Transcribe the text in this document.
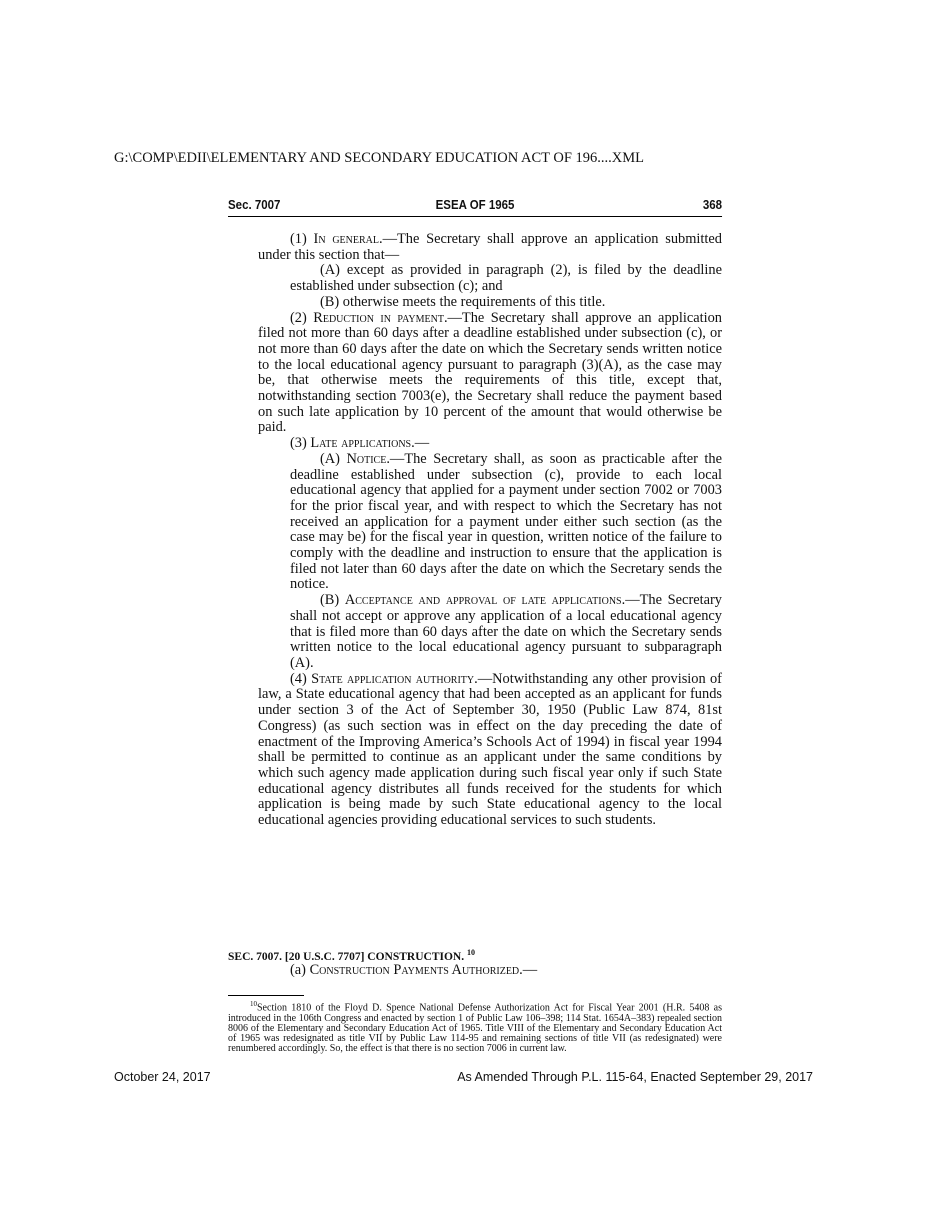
G:\COMP\EDII\ELEMENTARY AND SECONDARY EDUCATION ACT OF 196....XML
Sec. 7007	ESEA OF 1965	368

(1) In general.—The Secretary shall approve an application submitted under this section that—

(A) except as provided in paragraph (2), is filed by the deadline established under subsection (c); and

(B) otherwise meets the requirements of this title.

(2) Reduction in payment.—The Secretary shall approve an application filed not more than 60 days after a deadline established under subsection (c), or not more than 60 days after the date on which the Secretary sends written notice to the local educational agency pursuant to paragraph (3)(A), as the case may be, that otherwise meets the requirements of this title, except that, notwithstanding section 7003(e), the Secretary shall reduce the payment based on such late application by 10 percent of the amount that would otherwise be paid.

(3) Late applications.—

(A) Notice.—The Secretary shall, as soon as practicable after the deadline established under subsection (c), provide to each local educational agency that applied for a payment under section 7002 or 7003 for the prior fiscal year, and with respect to which the Secretary has not received an application for a payment under either such section (as the case may be) for the fiscal year in question, written notice of the failure to comply with the deadline and instruction to ensure that the application is filed not later than 60 days after the date on which the Secretary sends the notice.

(B) Acceptance and approval of late applications.—The Secretary shall not accept or approve any application of a local educational agency that is filed more than 60 days after the date on which the Secretary sends written notice to the local educational agency pursuant to subparagraph (A).

(4) State application authority.—Notwithstanding any other provision of law, a State educational agency that had been accepted as an applicant for funds under section 3 of the Act of September 30, 1950 (Public Law 874, 81st Congress) (as such section was in effect on the day preceding the date of enactment of the Improving America’s Schools Act of 1994) in fiscal year 1994 shall be permitted to continue as an applicant under the same conditions by which such agency made application during such fiscal year only if such State educational agency distributes all funds received for the students for which application is being made by such State educational agency to the local educational agencies providing educational services to such students.

SEC. 7007. [20 U.S.C. 7707] CONSTRUCTION. $^{10}$
(a) Construction Payments Authorized.—

$^{10}$Section 1810 of the Floyd D. Spence National Defense Authorization Act for Fiscal Year 2001 (H.R. 5408 as introduced in the 106th Congress and enacted by section 1 of Public Law 106–398; 114 Stat. 1654A–383) repealed section 8006 of the Elementary and Secondary Education Act of 1965. Title VIII of the Elementary and Secondary Education Act of 1965 was redesignated as title VII by Public Law 114-95 and remaining sections of title VII (as redesignated) were renumbered accordingly. So, the effect is that there is no section 7006 in current law.

October 24, 2017	As Amended Through P.L. 115-64, Enacted September 29, 2017
